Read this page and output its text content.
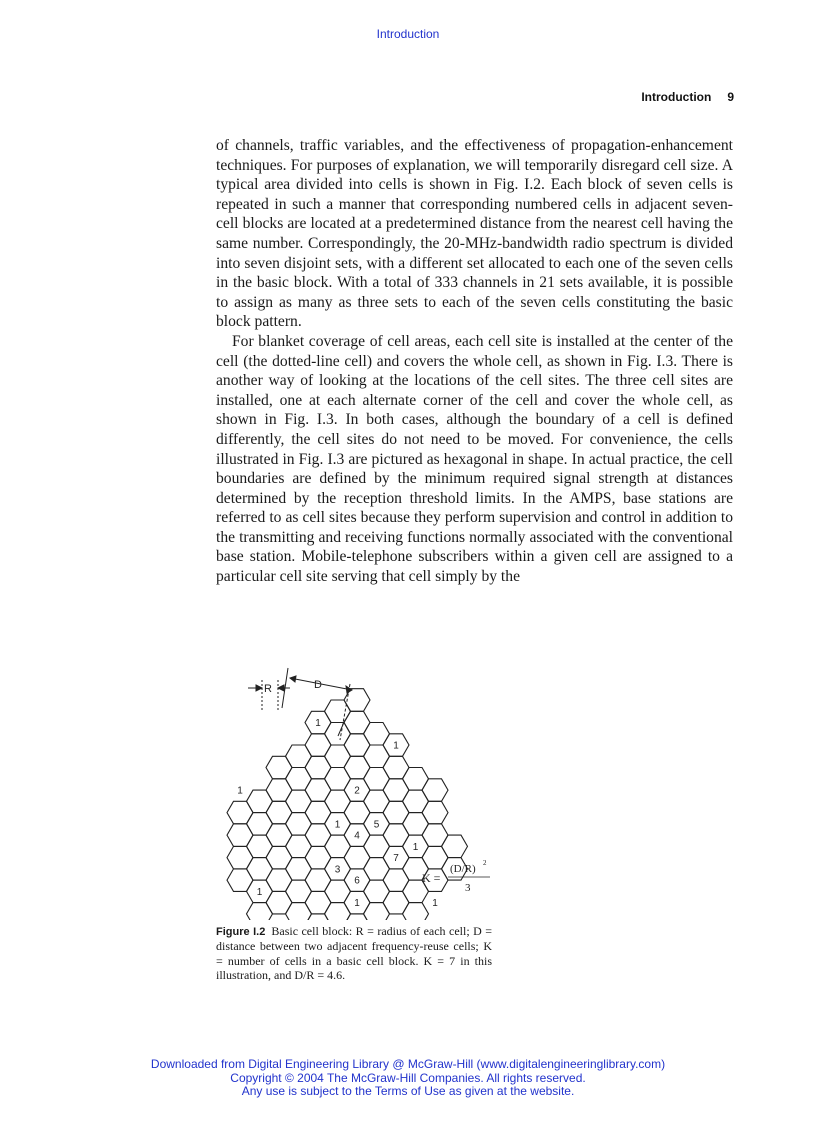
Introduction
Introduction 9

of channels, traffic variables, and the effectiveness of propagation-enhancement techniques. For purposes of explanation, we will temporarily disregard cell size. A typical area divided into cells is shown in Fig. I.2. Each block of seven cells is repeated in such a manner that corresponding numbered cells in adjacent seven-cell blocks are located at a predetermined distance from the nearest cell having the same number. Correspondingly, the 20-MHz-bandwidth radio spectrum is divided into seven disjoint sets, with a different set allocated to each one of the seven cells in the basic block. With a total of 333 channels in 21 sets available, it is possible to assign as many as three sets to each of the seven cells constituting the basic block pattern.

For blanket coverage of cell areas, each cell site is installed at the center of the cell (the dotted-line cell) and covers the whole cell, as shown in Fig. I.3. There is another way of looking at the locations of the cell sites. The three cell sites are installed, one at each alternate corner of the cell and cover the whole cell, as shown in Fig. I.3. In both cases, although the boundary of a cell is defined differently, the cell sites do not need to be moved. For convenience, the cells illustrated in Fig. I.3 are pictured as hexagonal in shape. In actual practice, the cell boundaries are defined by the minimum required signal strength at distances determined by the reception threshold limits. In the AMPS, base stations are referred to as cell sites because they perform supervision and control in addition to the transmitting and receiving functions normally associated with the conventional base station. Mobile-telephone subscribers within a given cell are assigned to a particular cell site serving that cell simply by the

R	D
1
1
1	2
1	5
4
1
3
7
6
1
1	1
K =
(D/R) 2
3
Figure I.2 Basic cell block: R = radius of each cell; D = distance between two adjacent frequency-reuse cells; K = number of cells in a basic cell block. K = 7 in this illustration, and D/R = 4.6.
Downloaded from Digital Engineering Library @ McGraw-Hill (www.digitalengineeringlibrary.com)
Copyright © 2004 The McGraw-Hill Companies. All rights reserved.
Any use is subject to the Terms of Use as given at the website.
